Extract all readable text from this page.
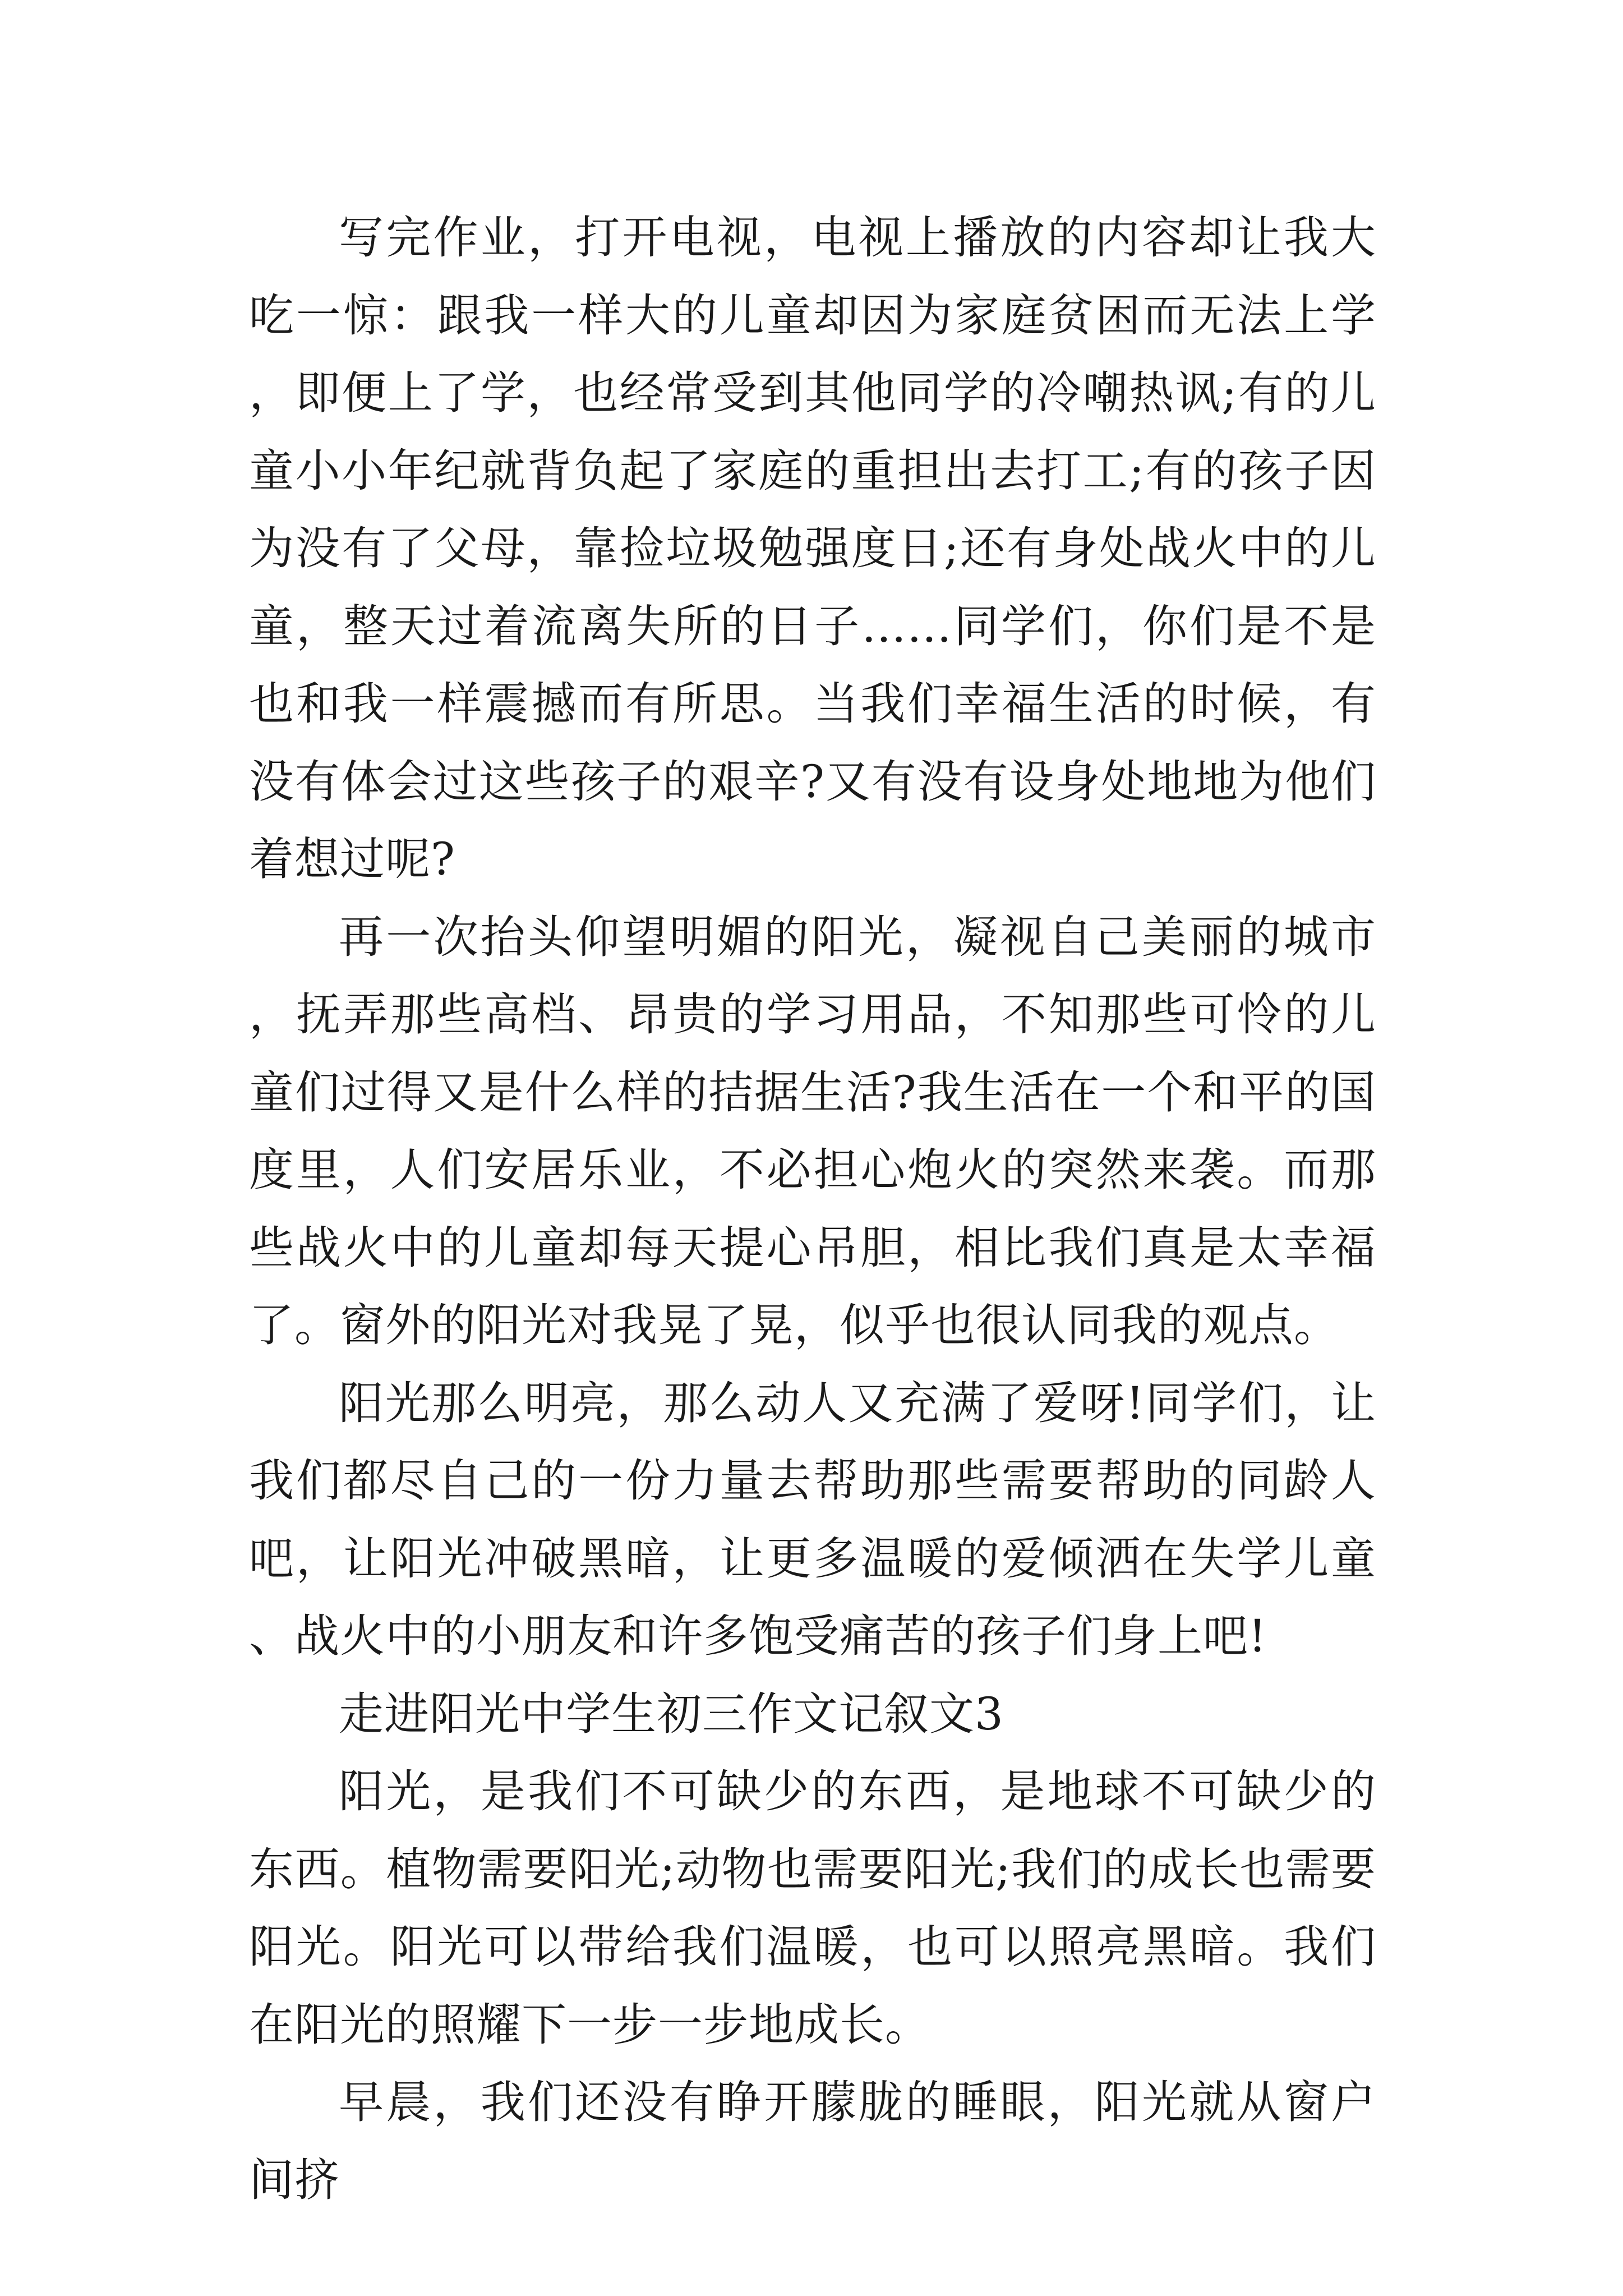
写完作业，打开电视，电视上播放的内容却让我大吃一惊：跟我一样大的儿童却因为家庭贫困而无法上学，即便上了学，也经常受到其他同学的冷嘲热讽;有的儿童小小年纪就背负起了家庭的重担出去打工;有的孩子因为没有了父母，靠捡垃圾勉强度日;还有身处战火中的儿童，整天过着流离失所的日子……同学们，你们是不是也和我一样震撼而有所思。当我们幸福生活的时候，有没有体会过这些孩子的艰辛?又有没有设身处地地为他们着想过呢?

再一次抬头仰望明媚的阳光，凝视自己美丽的城市，抚弄那些高档、昂贵的学习用品，不知那些可怜的儿童们过得又是什么样的拮据生活?我生活在一个和平的国度里，人们安居乐业，不必担心炮火的突然来袭。而那些战火中的儿童却每天提心吊胆，相比我们真是太幸福了。窗外的阳光对我晃了晃，似乎也很认同我的观点。

阳光那么明亮，那么动人又充满了爱呀!同学们，让我们都尽自己的一份力量去帮助那些需要帮助的同龄人吧，让阳光冲破黑暗，让更多温暖的爱倾洒在失学儿童、战火中的小朋友和许多饱受痛苦的孩子们身上吧!

走进阳光中学生初三作文记叙文3

阳光，是我们不可缺少的东西，是地球不可缺少的东西。植物需要阳光;动物也需要阳光;我们的成长也需要阳光。阳光可以带给我们温暖，也可以照亮黑暗。我们在阳光的照耀下一步一步地成长。

早晨，我们还没有睁开朦胧的睡眼，阳光就从窗户间挤
